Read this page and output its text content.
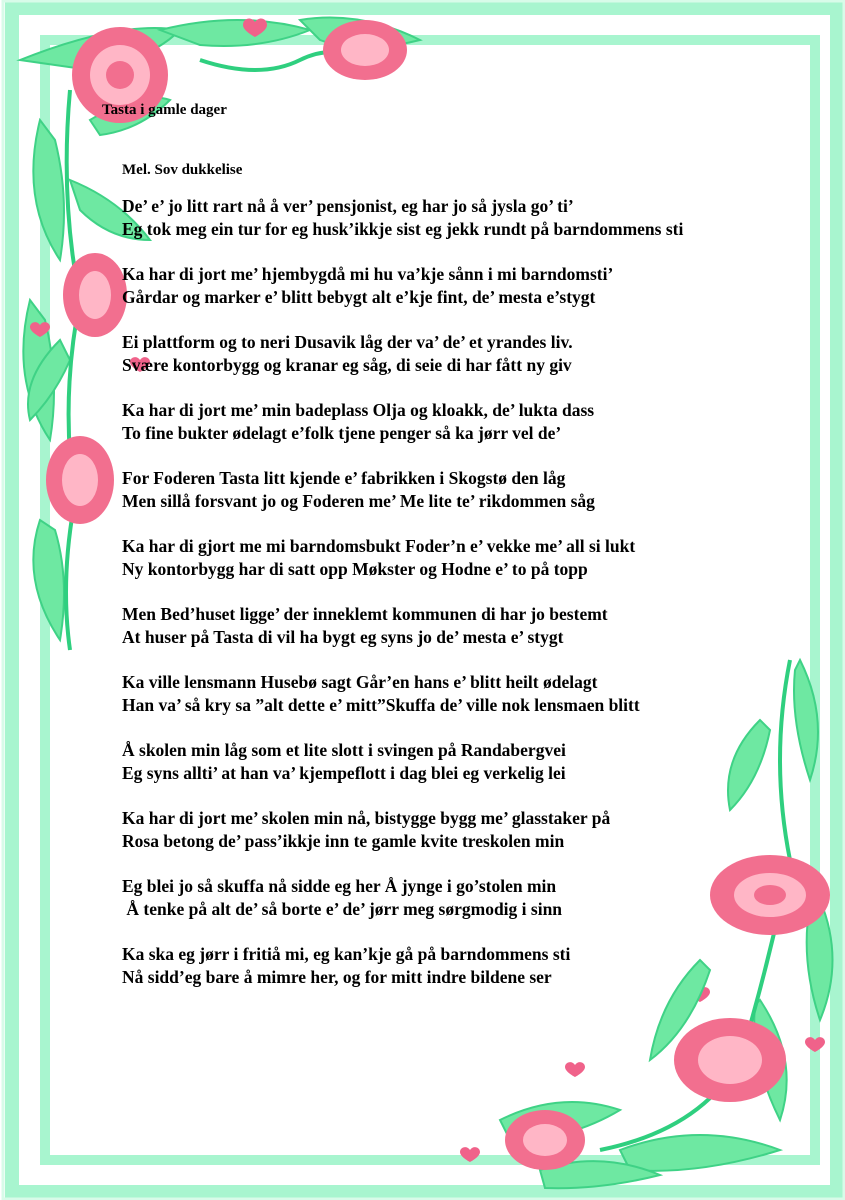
Tasta i gamle dager
Mel. Sov dukkelise
De’ e’ jo litt rart nå å ver’ pensjonist, eg har jo så jysla go’ ti’
Eg tok meg ein tur for eg husk’ikkje sist eg jekk rundt på barndommens sti
Ka har di jort me’ hjembygdå mi hu va’kje sånn i mi barndomsti’
Gårdar og marker e’ blitt bebygt alt e’kje fint, de’ mesta e’stygt
Ei plattform og to neri Dusavik låg der va’ de’ et yrandes liv.
Svære kontorbygg og kranar eg såg, di seie di har fått ny giv
Ka har di jort me’ min badeplass Olja og kloakk, de’ lukta dass
To fine bukter ødelagt e’folk tjene penger så ka jørr vel de’
For Foderen Tasta litt kjende e’ fabrikken i Skogstø den låg
Men sillå forsvant jo og Foderen me’ Me lite te’ rikdommen såg
Ka har di gjort me mi barndomsbukt Foder’n e’ vekke me’ all si lukt
Ny kontorbygg har di satt opp Møkster og Hodne e’ to på topp
Men Bed’huset ligge’ der inneklemt kommunen di har jo bestemt
At huser på Tasta di vil ha bygt eg syns jo de’ mesta e’ stygt
Ka ville lensmann Husebø sagt Går’en hans e’ blitt heilt ødelagt
Han va’ så kry sa ”alt dette e’ mitt”Skuffa de’ ville nok lensmaen blitt
Å skolen min låg som et lite slott i svingen på Randabergvei
Eg syns allti’ at han va’ kjempeflott i dag blei eg verkelig lei
Ka har di jort me’ skolen min nå, bistygge bygg me’ glasstaker på
Rosa betong de’ pass’ikkje inn te gamle kvite treskolen min
Eg blei jo så skuffa nå sidde eg her Å jynge i go’stolen min
Å tenke på alt de’ så borte e’ de’ jørr meg sørgmodig i sinn
Ka ska eg jørr i fritiå mi, eg kan’kje gå på barndommens sti
Nå sidd’eg bare å mimre her, og for mitt indre bildene ser
